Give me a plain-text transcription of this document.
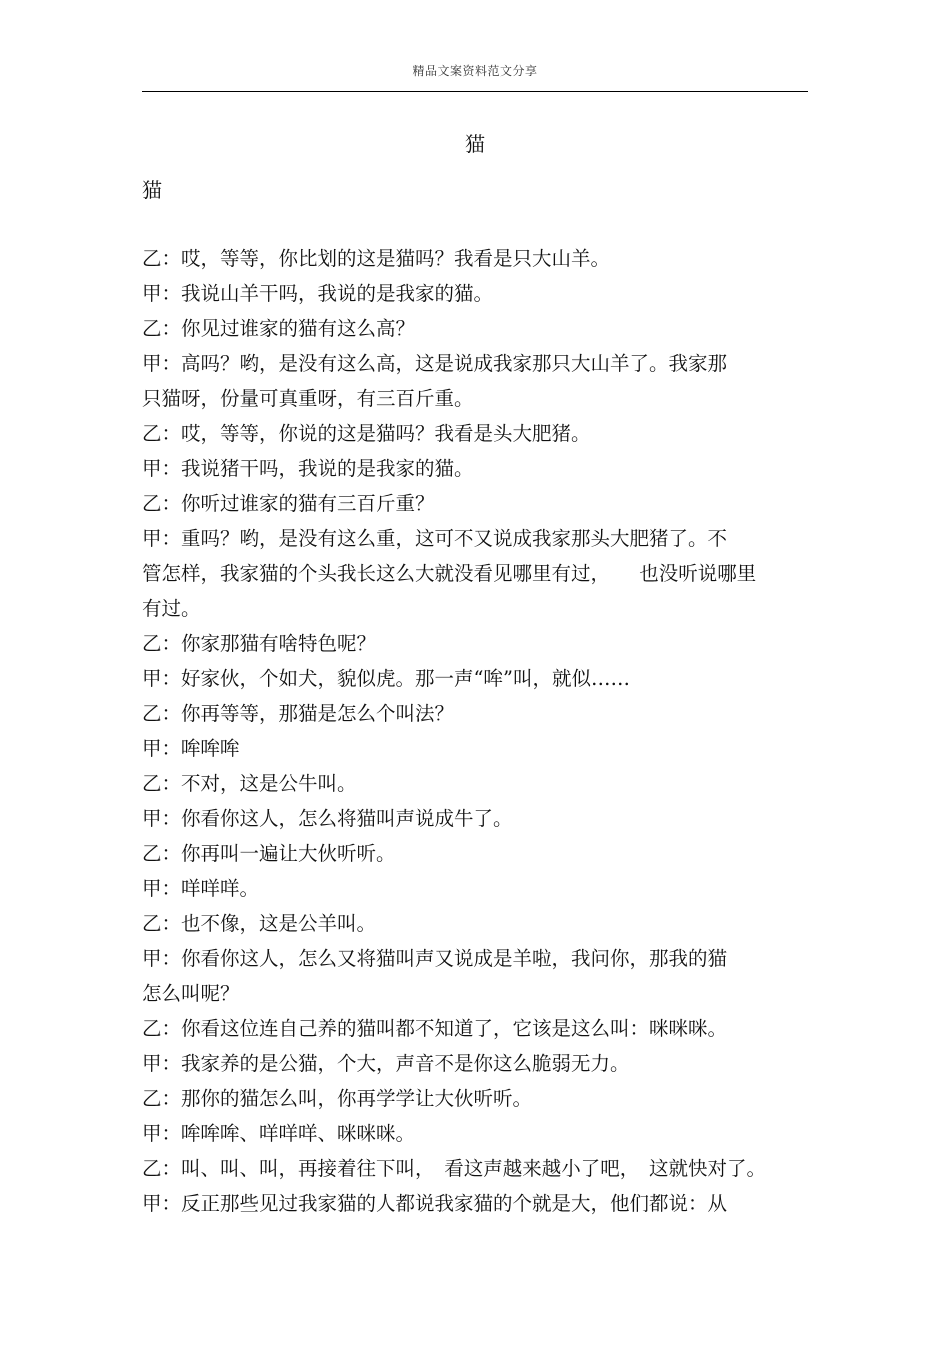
精品文案资料范文分享
猫
猫
乙：哎，等等，你比划的这是猫吗？我看是只大山羊。
甲：我说山羊干吗，我说的是我家的猫。
乙：你见过谁家的猫有这么高？
甲：高吗？哟，是没有这么高，这是说成我家那只大山羊了。我家那
只猫呀，份量可真重呀，有三百斤重。
乙：哎，等等，你说的这是猫吗？我看是头大肥猪。
甲：我说猪干吗，我说的是我家的猫。
乙：你听过谁家的猫有三百斤重？
甲：重吗？哟，是没有这么重，这可不又说成我家那头大肥猪了。不
管怎样，我家猫的个头我长这么大就没看见哪里有过，　　也没听说哪里
有过。
乙：你家那猫有啥特色呢？
甲：好家伙，个如犬，貌似虎。那一声“哞”叫，就似……
乙：你再等等，那猫是怎么个叫法？
甲：哞哞哞
乙：不对，这是公牛叫。
甲：你看你这人，怎么将猫叫声说成牛了。
乙：你再叫一遍让大伙听听。
甲：咩咩咩。
乙：也不像，这是公羊叫。
甲：你看你这人，怎么又将猫叫声又说成是羊啦，我问你，那我的猫
怎么叫呢？
乙：你看这位连自己养的猫叫都不知道了，它该是这么叫：咪咪咪。
甲：我家养的是公猫，个大，声音不是你这么脆弱无力。
乙：那你的猫怎么叫，你再学学让大伙听听。
甲：哞哞哞、咩咩咩、咪咪咪。
乙：叫、叫、叫，再接着往下叫，　看这声越来越小了吧，　这就快对了。
甲：反正那些见过我家猫的人都说我家猫的个就是大，他们都说：从
